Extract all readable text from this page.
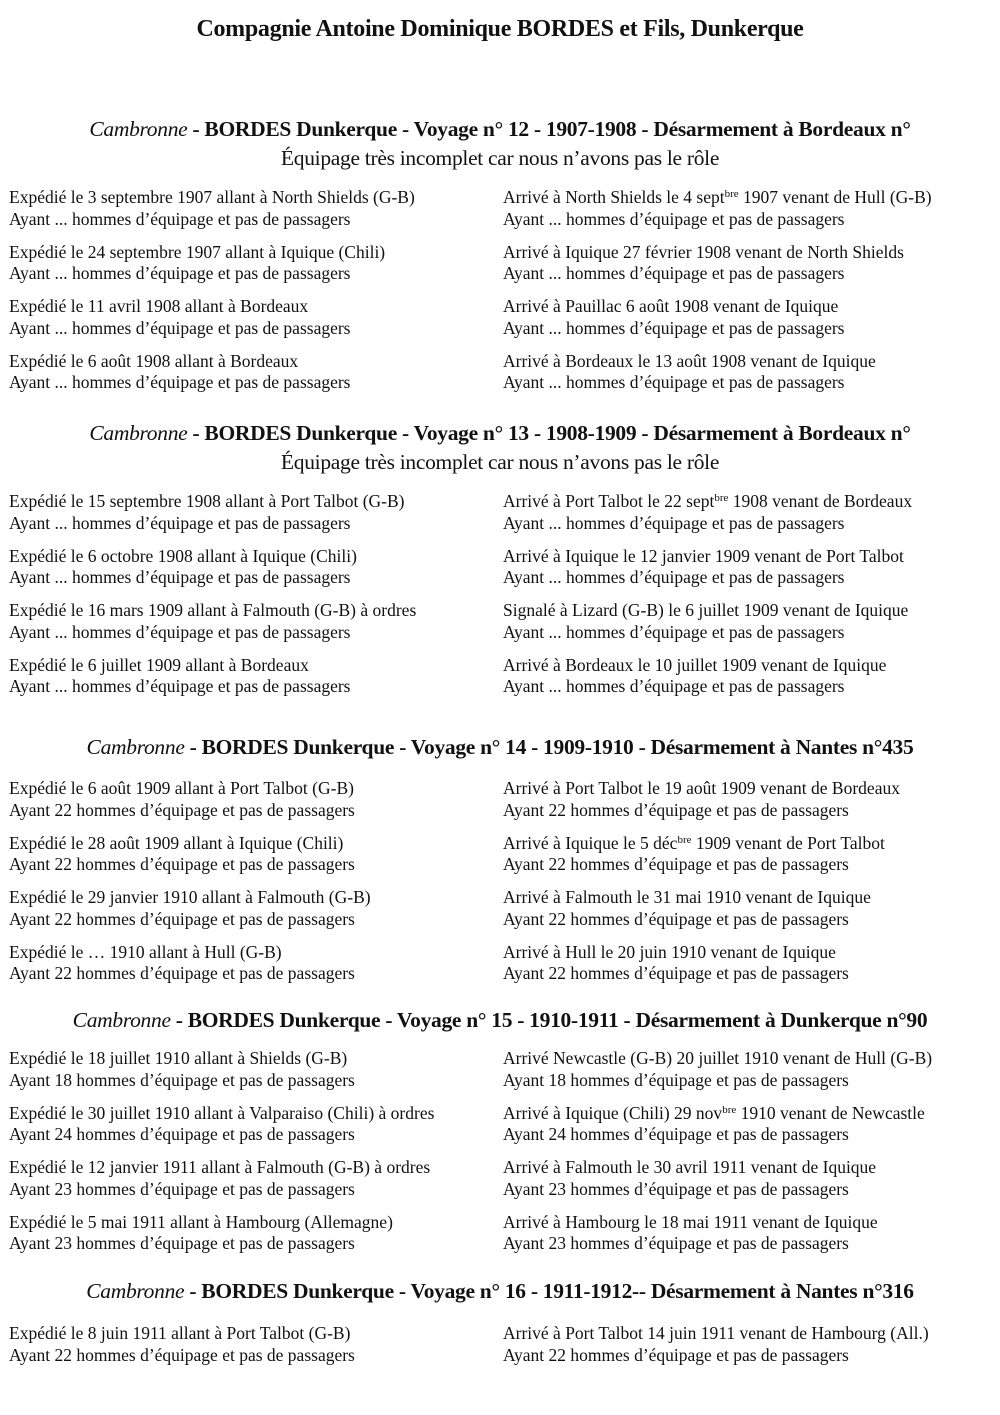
Compagnie Antoine Dominique BORDES et Fils, Dunkerque
Cambronne - BORDES Dunkerque - Voyage n° 12 - 1907-1908 - Désarmement à Bordeaux n°
Équipage très incomplet car nous n’avons pas le rôle
Expédié le 3 septembre 1907 allant à North Shields (G-B)
Ayant ... hommes d’équipage et pas de passagers
Arrivé à North Shields le 4 sept$^{bre}$ 1907 venant de Hull (G-B)
Ayant ... hommes d’équipage et pas de passagers
Expédié le 24 septembre 1907 allant à Iquique (Chili)
Ayant ... hommes d’équipage et pas de passagers
Arrivé à Iquique 27 février 1908 venant de North Shields
Ayant ... hommes d’équipage et pas de passagers
Expédié le 11 avril 1908 allant à Bordeaux
Ayant ... hommes d’équipage et pas de passagers
Arrivé à Pauillac 6 août 1908 venant de Iquique
Ayant ... hommes d’équipage et pas de passagers
Expédié le 6 août 1908 allant à Bordeaux
Ayant ... hommes d’équipage et pas de passagers
Arrivé à Bordeaux le 13 août 1908 venant de Iquique
Ayant ... hommes d’équipage et pas de passagers
Cambronne - BORDES Dunkerque - Voyage n° 13 - 1908-1909 - Désarmement à Bordeaux n°
Équipage très incomplet car nous n’avons pas le rôle
Expédié le 15 septembre 1908 allant à Port Talbot (G-B)
Ayant ... hommes d’équipage et pas de passagers
Arrivé à Port Talbot le 22 sept$^{bre}$ 1908 venant de Bordeaux
Ayant ... hommes d’équipage et pas de passagers
Expédié le 6 octobre 1908 allant à Iquique (Chili)
Ayant ... hommes d’équipage et pas de passagers
Arrivé à Iquique le 12 janvier 1909 venant de Port Talbot
Ayant ... hommes d’équipage et pas de passagers
Expédié le 16 mars 1909 allant à Falmouth (G-B) à ordres
Ayant ... hommes d’équipage et pas de passagers
Signalé à Lizard (G-B) le 6 juillet 1909 venant de Iquique
Ayant ... hommes d’équipage et pas de passagers
Expédié le 6 juillet 1909 allant à Bordeaux
Ayant ... hommes d’équipage et pas de passagers
Arrivé à Bordeaux le 10 juillet 1909 venant de Iquique
Ayant ... hommes d’équipage et pas de passagers
Cambronne - BORDES Dunkerque - Voyage n° 14 - 1909-1910 - Désarmement à Nantes n°435
Expédié le 6 août 1909 allant à Port Talbot (G-B)
Ayant 22 hommes d’équipage et pas de passagers
Arrivé à Port Talbot le 19 août 1909 venant de Bordeaux
Ayant 22 hommes d’équipage et pas de passagers
Expédié le 28 août 1909 allant à Iquique (Chili)
Ayant 22 hommes d’équipage et pas de passagers
Arrivé à Iquique le 5 déc$^{bre}$ 1909 venant de Port Talbot
Ayant 22 hommes d’équipage et pas de passagers
Expédié le 29 janvier 1910 allant à Falmouth (G-B)
Ayant 22 hommes d’équipage et pas de passagers
Arrivé à Falmouth le 31 mai 1910 venant de Iquique
Ayant 22 hommes d’équipage et pas de passagers
Expédié le … 1910 allant à Hull (G-B)
Ayant 22 hommes d’équipage et pas de passagers
Arrivé à Hull le 20 juin 1910 venant de Iquique
Ayant 22 hommes d’équipage et pas de passagers
Cambronne - BORDES Dunkerque - Voyage n° 15 - 1910-1911 - Désarmement à Dunkerque n°90
Expédié le 18 juillet 1910 allant à Shields (G-B)
Ayant 18 hommes d’équipage et pas de passagers
Arrivé Newcastle (G-B) 20 juillet 1910 venant de Hull (G-B)
Ayant 18 hommes d’équipage et pas de passagers
Expédié le 30 juillet 1910 allant à Valparaiso (Chili) à ordres
Ayant 24 hommes d’équipage et pas de passagers
Arrivé à Iquique (Chili) 29 nov$^{bre}$ 1910 venant de Newcastle
Ayant 24 hommes d’équipage et pas de passagers
Expédié le 12 janvier 1911 allant à Falmouth (G-B) à ordres
Ayant 23 hommes d’équipage et pas de passagers
Arrivé à Falmouth le 30 avril 1911 venant de Iquique
Ayant 23 hommes d’équipage et pas de passagers
Expédié le 5 mai 1911 allant à Hambourg (Allemagne)
Ayant 23 hommes d’équipage et pas de passagers
Arrivé à Hambourg le 18 mai 1911 venant de Iquique
Ayant 23 hommes d’équipage et pas de passagers
Cambronne - BORDES Dunkerque - Voyage n° 16 - 1911-1912-- Désarmement à Nantes n°316
Expédié le 8 juin 1911 allant à Port Talbot (G-B)
Ayant 22 hommes d’équipage et pas de passagers
Arrivé à Port Talbot 14 juin 1911 venant de Hambourg (All.)
Ayant 22 hommes d’équipage et pas de passagers
